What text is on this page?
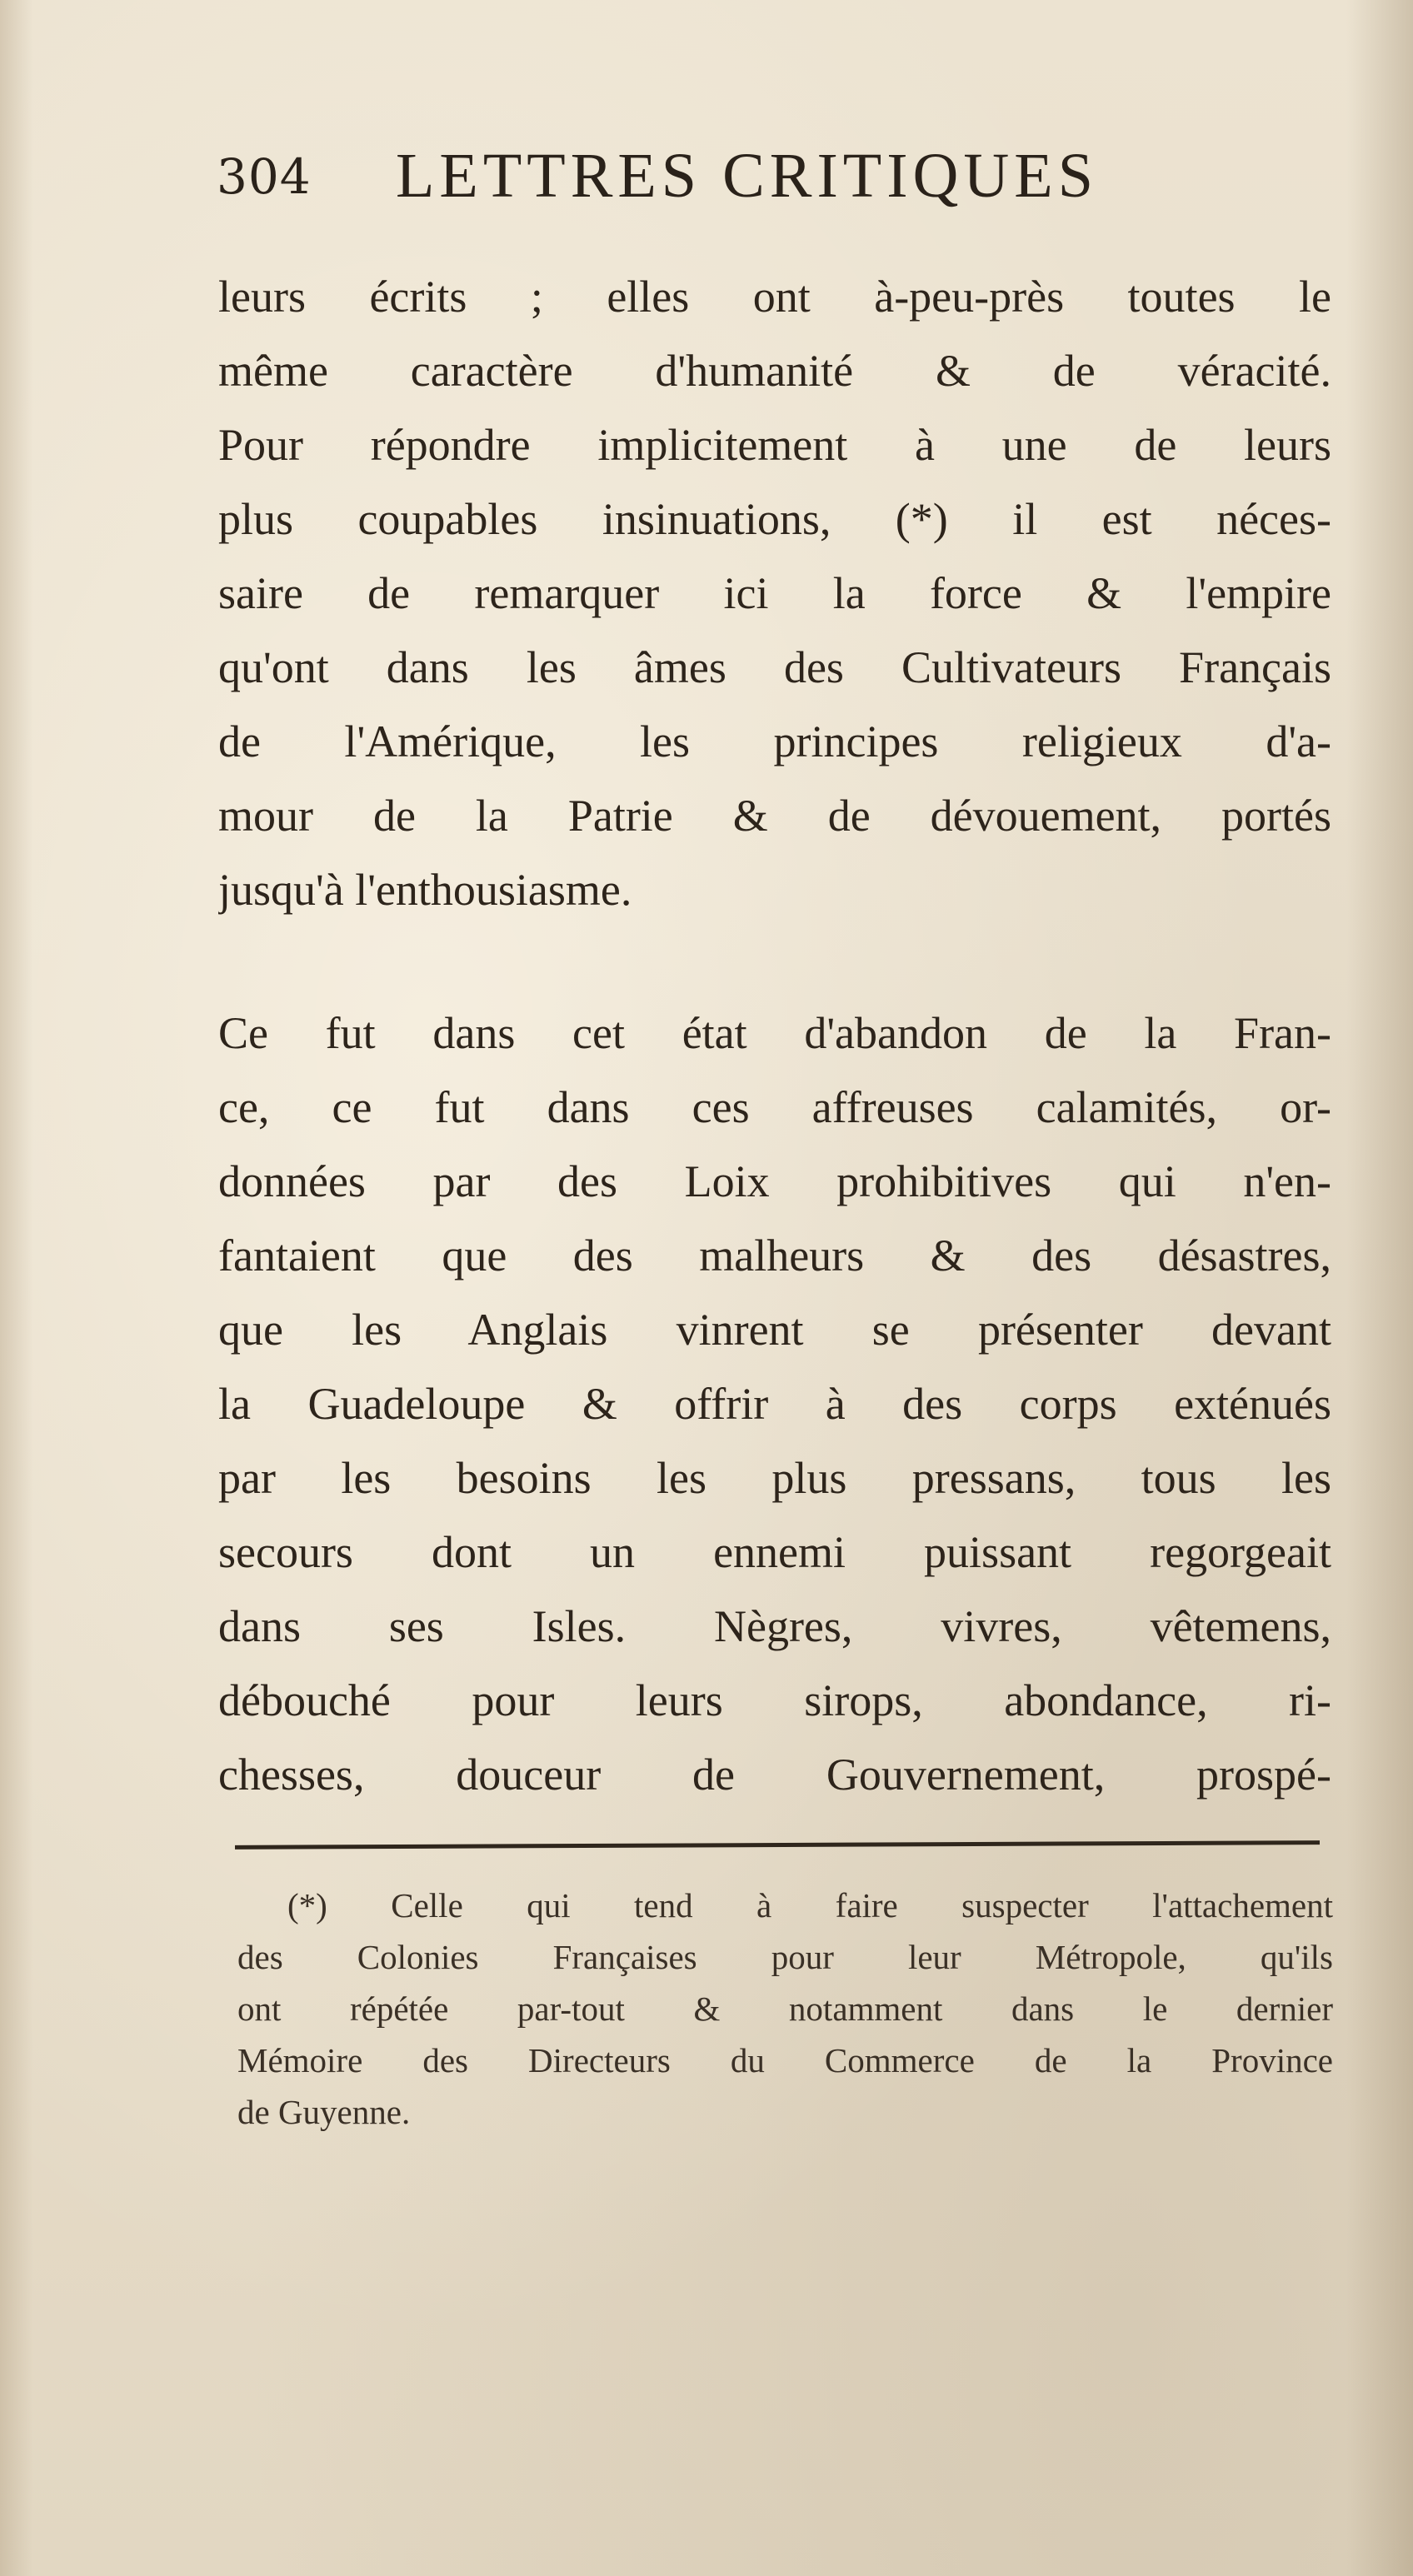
304 LETTRES CRITIQUES
leurs écrits ; elles ont à-peu-près toutes le
même caractère d'humanité & de véracité.
Pour répondre implicitement à une de leurs
plus coupables insinuations, (*) il est néces-
saire de remarquer ici la force & l'empire
qu'ont dans les âmes des Cultivateurs Français
de l'Amérique, les principes religieux d'a-
mour de la Patrie & de dévouement, portés
jusqu'à l'enthousiasme.
Ce fut dans cet état d'abandon de la Fran-
ce, ce fut dans ces affreuses calamités, or-
données par des Loix prohibitives qui n'en-
fantaient que des malheurs & des désastres,
que les Anglais vinrent se présenter devant
la Guadeloupe & offrir à des corps exténués
par les besoins les plus pressans, tous les
secours dont un ennemi puissant regorgeait
dans ses Isles. Nègres, vivres, vêtemens,
débouché pour leurs sirops, abondance, ri-
chesses, douceur de Gouvernement, prospé-
(*) Celle qui tend à faire suspecter l'attachement
des Colonies Françaises pour leur Métropole, qu'ils
ont répétée par-tout & notamment dans le dernier
Mémoire des Directeurs du Commerce de la Province
de Guyenne.
